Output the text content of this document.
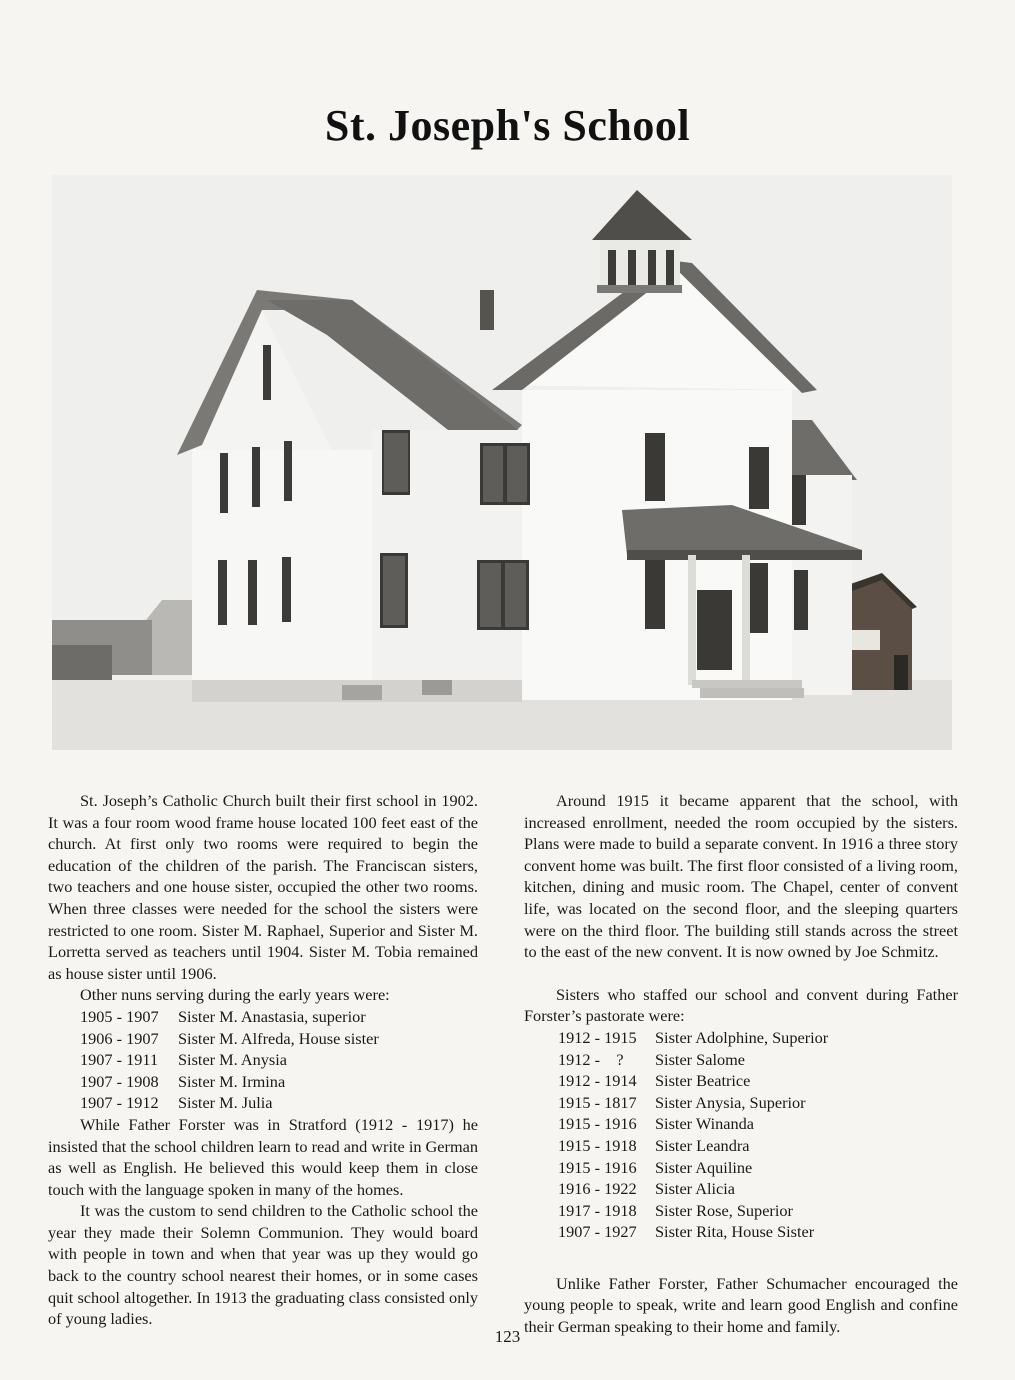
St. Joseph's School

St. Joseph’s Catholic Church built their first school in 1902. It was a four room wood frame house located 100 feet east of the church. At first only two rooms were required to begin the education of the children of the parish. The Franciscan sisters, two teachers and one house sister, occupied the other two rooms. When three classes were needed for the school the sisters were restricted to one room. Sister M. Raphael, Superior and Sister M. Lorretta served as teachers until 1904. Sister M. Tobia remained as house sister until 1906.

Other nuns serving during the early years were:

1905 - 1907	Sister M. Anastasia, superior
1906 - 1907	Sister M. Alfreda, House sister
1907 - 1911	Sister M. Anysia
1907 - 1908	Sister M. Irmina
1907 - 1912	Sister M. Julia

While Father Forster was in Stratford (1912 - 1917) he insisted that the school children learn to read and write in German as well as English. He believed this would keep them in close touch with the language spoken in many of the homes.

It was the custom to send children to the Catholic school the year they made their Solemn Communion. They would board with people in town and when that year was up they would go back to the country school nearest their homes, or in some cases quit school altogether. In 1913 the graduating class consisted only of young ladies.

Around 1915 it became apparent that the school, with increased enrollment, needed the room occupied by the sisters. Plans were made to build a separate convent. In 1916 a three story convent home was built. The first floor consisted of a living room, kitchen, dining and music room. The Chapel, center of convent life, was located on the second floor, and the sleeping quarters were on the third floor. The building still stands across the street to the east of the new convent. It is now owned by Joe Schmitz.

Sisters who staffed our school and convent during Father Forster’s pastorate were:

1912 - 1915	Sister Adolphine, Superior
1912 -    ?	Sister Salome
1912 - 1914	Sister Beatrice
1915 - 1817	Sister Anysia, Superior
1915 - 1916	Sister Winanda
1915 - 1918	Sister Leandra
1915 - 1916	Sister Aquiline
1916 - 1922	Sister Alicia
1917 - 1918	Sister Rose, Superior
1907 - 1927	Sister Rita, House Sister

Unlike Father Forster, Father Schumacher encouraged the young people to speak, write and learn good English and confine their German speaking to their home and family.

123
